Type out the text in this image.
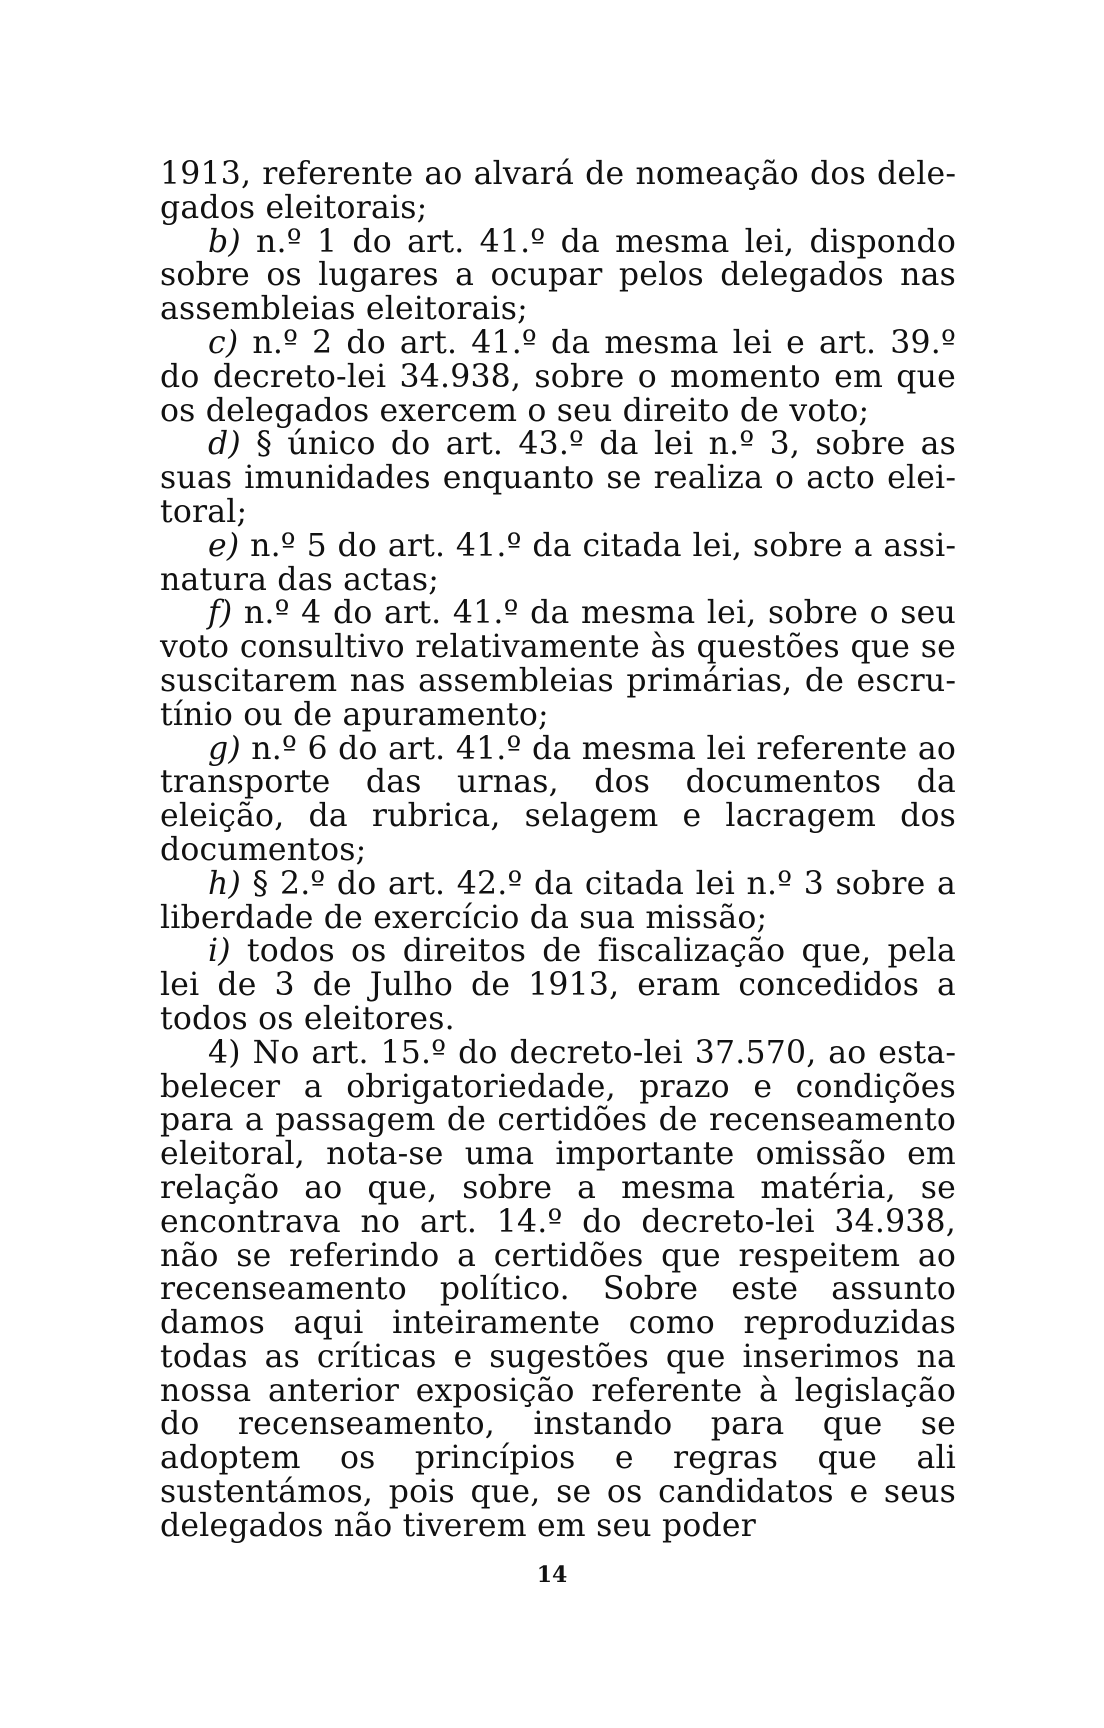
1913, referente ao alvará de nomeação dos delegados eleitorais;

b) n.º 1 do art. 41.º da mesma lei, dispondo sobre os lugares a ocupar pelos delegados nas assembleias eleitorais;

c) n.º 2 do art. 41.º da mesma lei e art. 39.º do decreto-lei 34.938, sobre o momento em que os delegados exercem o seu direito de voto;

d) § único do art. 43.º da lei n.º 3, sobre as suas imunidades enquanto se realiza o acto eleitoral;

e) n.º 5 do art. 41.º da citada lei, sobre a assinatura das actas;

f) n.º 4 do art. 41.º da mesma lei, sobre o seu voto consultivo relativamente às questões que se suscitarem nas assembleias primárias, de escrutínio ou de apuramento;

g) n.º 6 do art. 41.º da mesma lei referente ao transporte das urnas, dos documentos da eleição, da rubrica, selagem e lacragem dos documentos;

h) § 2.º do art. 42.º da citada lei n.º 3 sobre a liberdade de exercício da sua missão;

i) todos os direitos de fiscalização que, pela lei de 3 de Julho de 1913, eram concedidos a todos os eleitores.

4) No art. 15.º do decreto-lei 37.570, ao estabelecer a obrigatoriedade, prazo e condições para a passagem de certidões de recenseamento eleitoral, nota-se uma importante omissão em relação ao que, sobre a mesma matéria, se encontrava no art. 14.º do decreto-lei 34.938, não se referindo a certidões que respeitem ao recenseamento político. Sobre este assunto damos aqui inteiramente como reproduzidas todas as críticas e sugestões que inserimos na nossa anterior exposição referente à legislação do recenseamento, instando para que se adoptem os princípios e regras que ali sustentámos, pois que, se os candidatos e seus delegados não tiverem em seu poder

14
